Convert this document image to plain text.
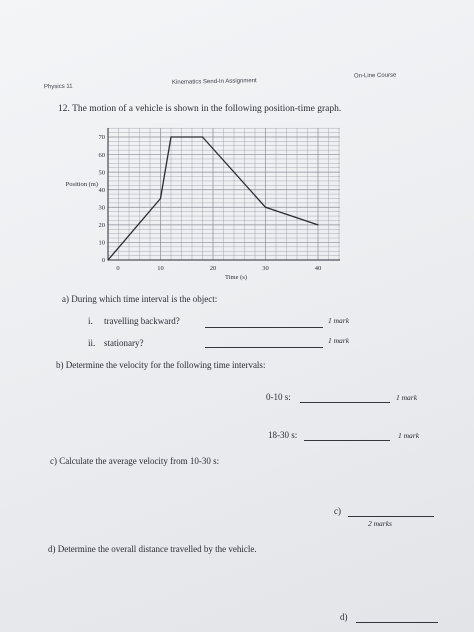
Physics 11
Kinematics Send-In Assignment
On-Line Course
12. The motion of a vehicle is shown in the following position-time graph.
0	10	20	30	40
0
10
20
30
40
50
60
70
Time (s)
Position (m)
a) During which time interval is the object:
i. travelling backward?	1 mark
ii. stationary?	1 mark
b) Determine the velocity for the following time intervals:
0-10 s:	1 mark
18-30 s:	1 mark
c) Calculate the average velocity from 10-30 s:
c)
2 marks
d) Determine the overall distance travelled by the vehicle.
d)
